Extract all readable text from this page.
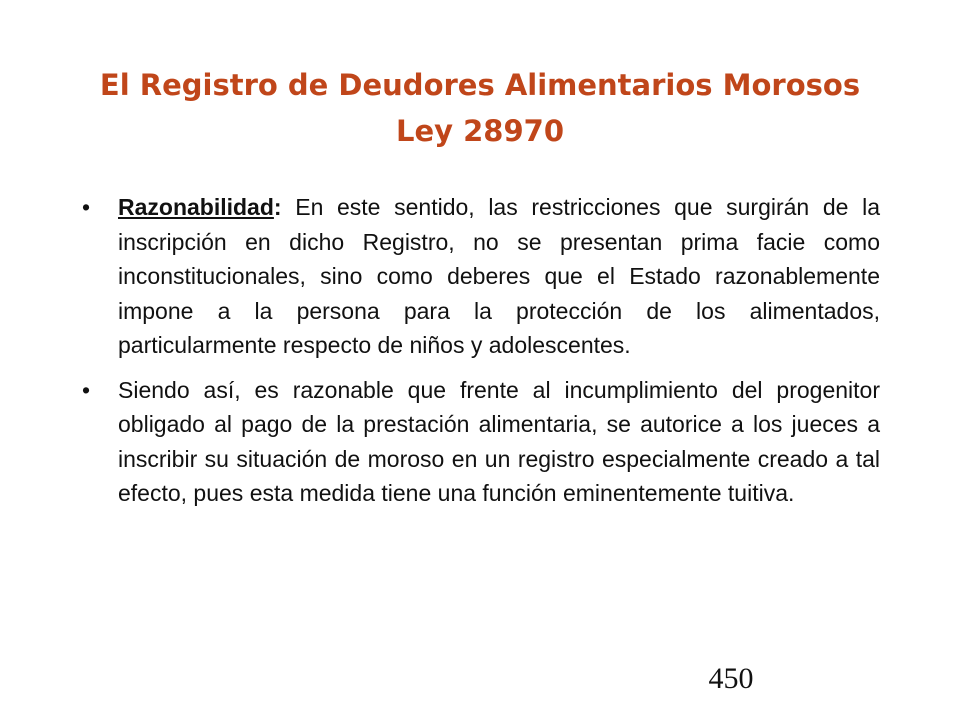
El Registro de Deudores Alimentarios Morosos
Ley 28970
• Razonabilidad: En este sentido, las restricciones que surgirán de la inscripción en dicho Registro, no se presentan prima facie como inconstitucionales, sino como deberes que el Estado razonablemente impone a la persona para la protección de los alimentados, particularmente respecto de niños y adolescentes.
• Siendo así, es razonable que frente al incumplimiento del progenitor obligado al pago de la prestación alimentaria, se autorice a los jueces a inscribir su situación de moroso en un registro especialmente creado a tal efecto, pues esta medida tiene una función eminentemente tuitiva.
450
